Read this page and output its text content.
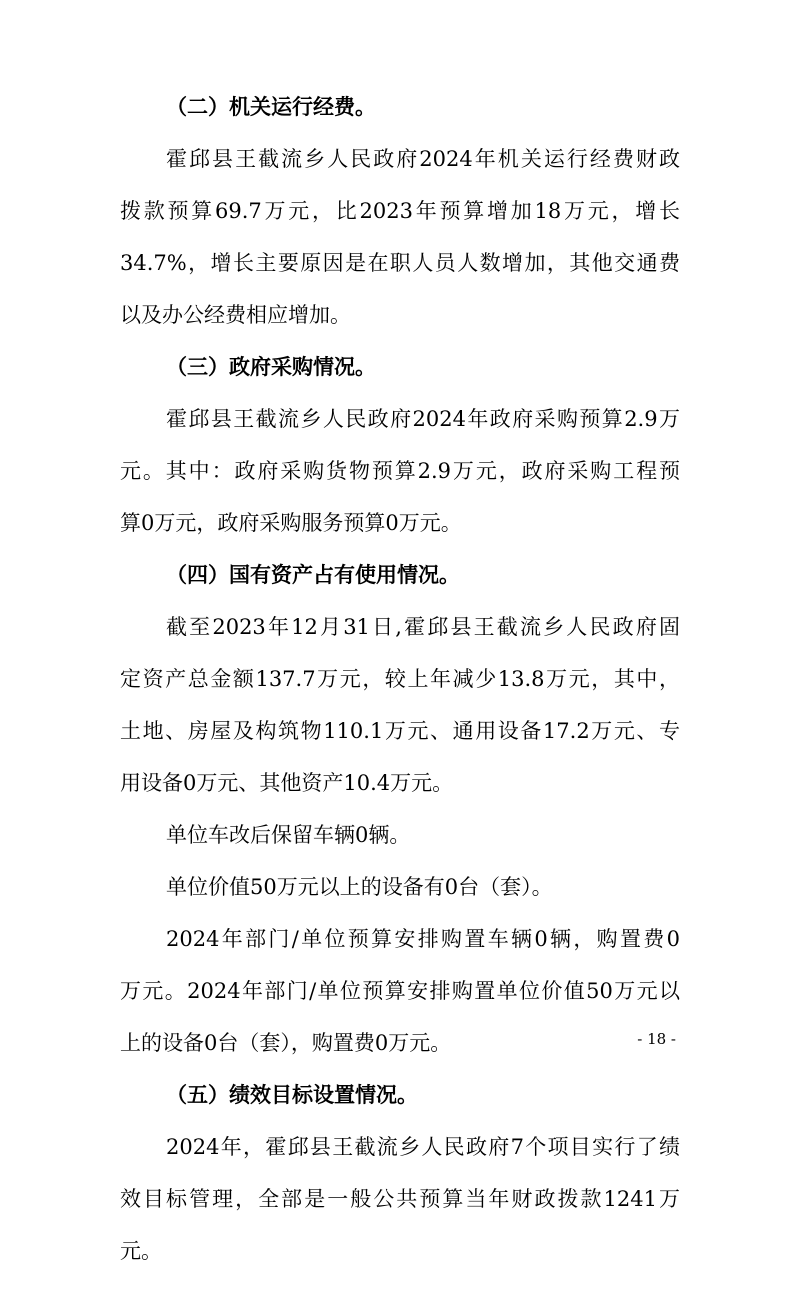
（二）机关运行经费。
霍邱县王截流乡人民政府2024年机关运行经费财政
拨款预算69.7万元，比2023年预算增加18万元，增长
34.7%，增长主要原因是在职人员人数增加，其他交通费
以及办公经费相应增加。
（三）政府采购情况。
霍邱县王截流乡人民政府2024年政府采购预算2.9万
元。其中：政府采购货物预算2.9万元，政府采购工程预
算0万元，政府采购服务预算0万元。
（四）国有资产占有使用情况。
截至2023年12月31日,霍邱县王截流乡人民政府固
定资产总金额137.7万元，较上年减少13.8万元，其中，
土地、房屋及构筑物110.1万元、通用设备17.2万元、专
用设备0万元、其他资产10.4万元。
单位车改后保留车辆0辆。
单位价值50万元以上的设备有0台（套）。
2024年部门/单位预算安排购置车辆0辆，购置费0
万元。2024年部门/单位预算安排购置单位价值50万元以
上的设备0台（套），购置费0万元。
（五）绩效目标设置情况。
2024年，霍邱县王截流乡人民政府7个项目实行了绩
效目标管理，全部是一般公共预算当年财政拨款1241万
元。
- 18 -
